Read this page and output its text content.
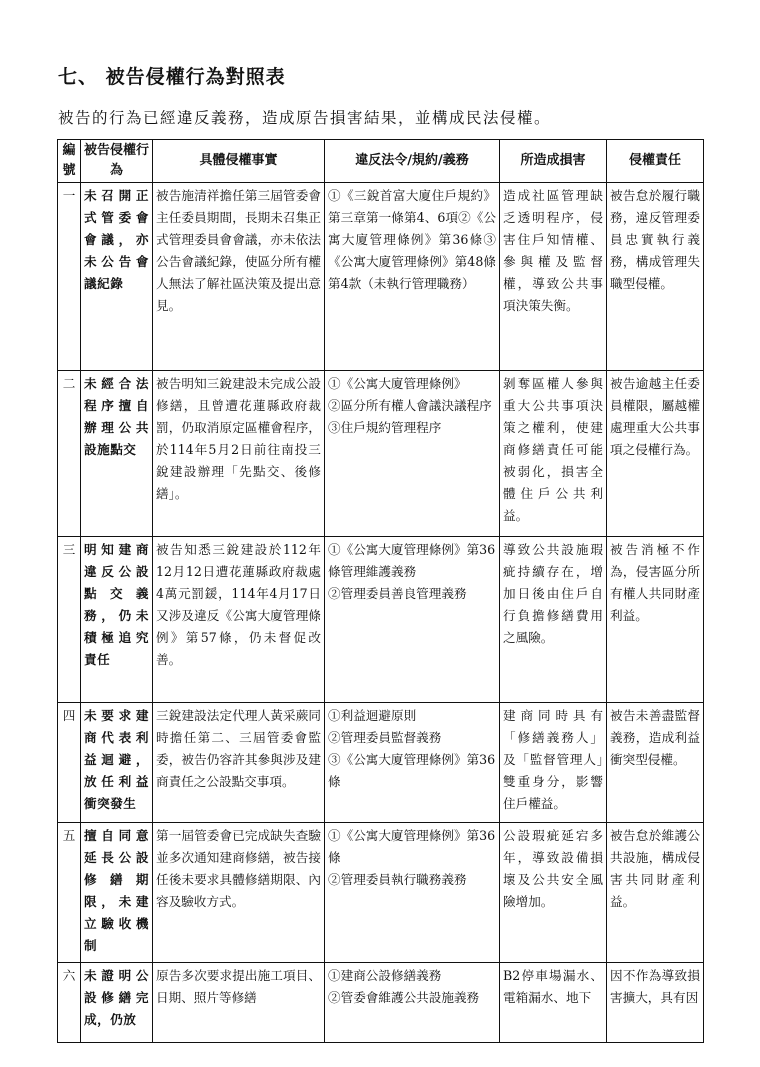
七、 被告侵權行為對照表
被告的行為已經違反義務，造成原告損害結果，並構成民法侵權。
編號	被告侵權行為	具體侵權事實	違反法令/規約/義務	所造成損害	侵權責任
一	未召開正式管委會會議，亦未公告會議紀錄	被告施清祥擔任第三屆管委會主任委員期間，長期未召集正式管理委員會會議，亦未依法公告會議紀錄，使區分所有權人無法了解社區決策及提出意見。	①《三銳首富大廈住戶規約》第三章第一條第4、6項②《公寓大廈管理條例》第36條③《公寓大廈管理條例》第48條第4款（未執行管理職務）	造成社區管理缺乏透明程序，侵害住戶知情權、參與權及監督權，導致公共事項決策失衡。	被告怠於履行職務，違反管理委員忠實執行義務，構成管理失職型侵權。
二	未經合法程序擅自辦理公共設施點交	被告明知三銳建設未完成公設修繕，且曾遭花蓮縣政府裁罰，仍取消原定區權會程序，於114年5月2日前往南投三銳建設辦理「先點交、後修繕」。	①《公寓大廈管理條例》
②區分所有權人會議決議程序
③住戶規約管理程序	剝奪區權人參與重大公共事項決策之權利，使建商修繕責任可能被弱化，損害全體住戶公共利益。	被告逾越主任委員權限，屬越權處理重大公共事項之侵權行為。
三	明知建商違反公設點交義務，仍未積極追究責任	被告知悉三銳建設於112年12月12日遭花蓮縣政府裁處4萬元罰鍰，114年4月17日又涉及違反《公寓大廈管理條例》第57條，仍未督促改善。	①《公寓大廈管理條例》第36條管理維護義務
②管理委員善良管理義務	導致公共設施瑕疵持續存在，增加日後由住戶自行負擔修繕費用之風險。	被告消極不作為，侵害區分所有權人共同財產利益。
四	未要求建商代表利益迴避，放任利益衝突發生	三銳建設法定代理人黃采蕨同時擔任第二、三屆管委會監委，被告仍容許其參與涉及建商責任之公設點交事項。	①利益迴避原則
②管理委員監督義務
③《公寓大廈管理條例》第36條	建商同時具有「修繕義務人」及「監督管理人」雙重身分，影響住戶權益。	被告未善盡監督義務，造成利益衝突型侵權。
五	擅自同意延長公設修繕期限，未建立驗收機制	第一屆管委會已完成缺失查驗並多次通知建商修繕，被告接任後未要求具體修繕期限、內容及驗收方式。	①《公寓大廈管理條例》第36條
②管理委員執行職務義務	公設瑕疵延宕多年，導致設備損壞及公共安全風險增加。	被告怠於維護公共設施，構成侵害共同財產利益。
六	未證明公設修繕完成，仍放	原告多次要求提出施工項目、日期、照片等修繕	①建商公設修繕義務
②管委會維護公共設施義務	B2停車場漏水、電箱漏水、地下	因不作為導致損害擴大，具有因
